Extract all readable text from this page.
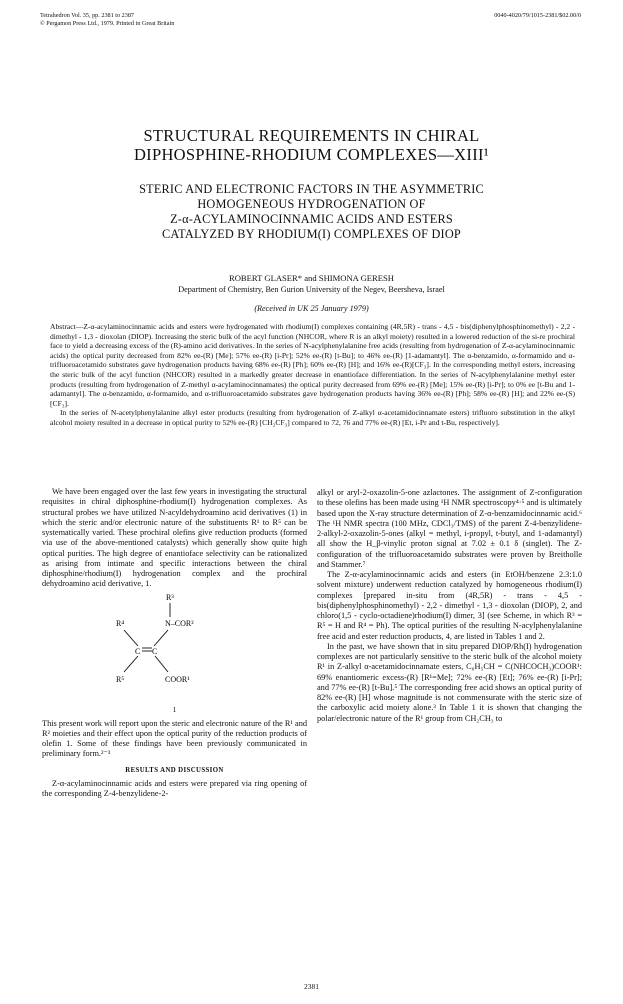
Tetrahedron Vol. 35, pp. 2381 to 2387
© Pergamon Press Ltd., 1979. Printed in Great Britain
0040-4020/79/1015-2381/$02.00/0
STRUCTURAL REQUIREMENTS IN CHIRAL
DIPHOSPHINE-RHODIUM COMPLEXES—XIII¹
STERIC AND ELECTRONIC FACTORS IN THE ASYMMETRIC
HOMOGENEOUS HYDROGENATION OF
Z-α-ACYLAMINOCINNAMIC ACIDS AND ESTERS
CATALYZED BY RHODIUM(I) COMPLEXES OF DIOP
ROBERT GLASER* and SHIMONA GERESH
Department of Chemistry, Ben Gurion University of the Negev, Beersheva, Israel
(Received in UK 25 January 1979)

Abstract—Z-α-acylaminocinnamic acids and esters were hydrogenated with rhodium(I) complexes containing (4R,5R) - trans - 4,5 - bis(diphenylphosphinomethyl) - 2,2 - dimethyl - 1,3 - dioxolan (DIOP). Increasing the steric bulk of the acyl function (NHCOR, where R is an alkyl moiety) resulted in a lowered reduction of the si-re prochiral face to yield a decreasing excess of the (R)-amino acid derivatives. In the series of N-acylphenylalanine free acids (resulting from hydrogenation of Z-α-acylaminocinnamic acids) the optical purity decreased from 82% ee-(R) [Me]; 57% ee-(R) [i-Pr]; 52% ee-(R) [t-Bu]; to 46% ee-(R) [1-adamantyl]. The α-benzamido, α-formamido and α-trifluoroacetamido substrates gave hydrogenation products having 68% ee-(R) [Ph]; 60% ee-(R) [H]; and 16% ee-(R)[CF₃]. In the corresponding methyl esters, increasing the steric bulk of the acyl function (NHCOR) resulted in a markedly greater decrease in enantioface differentiation. In the series of N-acylphenylalanine methyl ester products (resulting from hydrogenation of Z-methyl α-acylaminocinnamates) the optical purity decreased from 69% ee-(R) [Me]; 15% ee-(R) [i-Pr]; to 0% ee [t-Bu and 1-adamantyl]. The α-benzamido, α-formamido, and α-trifluoroacetamido substrates gave hydrogenation products having 36% ee-(R) [Ph]; 58% ee-(R) [H]; and 22% ee-(S) [CF₃].

In the series of N-acetylphenylalanine alkyl ester products (resulting from hydrogenation of Z-alkyl α-acetamidocinnamate esters) trifluoro substitution in the alkyl alcohol moiety resulted in a decrease in optical purity to 52% ee-(R) [CH₂CF₃] compared to 72, 76 and 77% ee-(R) [Et, i-Pr and t-Bu, respectively].

We have been engaged over the last few years in investigating the structural requisites in chiral diphosphine-rhodium(I) hydrogenation complexes. As structural probes we have utilized N-acyldehydroamino acid derivatives (1) in which the steric and/or electronic nature of the substituents R¹ to R⁵ can be systematically varied. These prochiral olefins give reduction products (formed via use of the above-mentioned catalysts) which generally show quite high optical purities. The high degree of enantioface selectivity can be rationalized as arising from intimate and specific interactions between the chiral diphosphine/rhodium(I) hydrogenation complex and the prochiral dehydroamino acid derivative, 1.

R³
N–COR²
R⁴
C C
R⁵	COOR¹
1

This present work will report upon the steric and electronic nature of the R¹ and R² moieties and their effect upon the optical purity of the reduction products of olefin 1. Some of these findings have been previously communicated in preliminary form.²⁻³

RESULTS AND DISCUSSION

Z-α-acylaminocinnamic acids and esters were prepared via ring opening of the corresponding Z-4-benzylidene-2-

alkyl or aryl-2-oxazolin-5-one azlactones. The assignment of Z-configuration to these olefins has been made using ¹H NMR spectroscopy⁴·⁵ and is ultimately based upon the X-ray structure determination of Z-α-benzamidocinnamic acid.⁶ The ¹H NMR spectra (100 MHz, CDCl₃/TMS) of the parent Z-4-benzylidene-2-alkyl-2-oxazolin-5-ones (alkyl = methyl, i-propyl, t-butyl, and 1-adamantyl) all show the H_β-vinylic proton signal at 7.02 ± 0.1 δ (singlet). The Z-configuration of the trifluoroacetamido substrates were proven by Breitholle and Stammer.⁷

The Z-α-acylaminocinnamic acids and esters (in EtOH/benzene 2.3:1.0 solvent mixture) underwent reduction catalyzed by homogeneous rhodium(I) complexes [prepared in-situ from (4R,5R) - trans - 4,5 - bis(diphenylphosphinomethyl) - 2,2 - dimethyl - 1,3 - dioxolan (DIOP), 2, and chloro(1,5 - cyclo-octadiene)rhodium(I) dimer, 3] (see Scheme, in which R³ = R⁵ = H and R⁴ = Ph). The optical purities of the resulting N-acylphenylalanine free acid and ester reduction products, 4, are listed in Tables 1 and 2.

In the past, we have shown that in situ prepared DIOP/Rh(I) hydrogenation complexes are not particularly sensitive to the steric bulk of the alcohol moiety R¹ in Z-alkyl α-acetamidocinnamate esters, C₆H₅CH = C(NHCOCH₃)COOR¹: 69% enantiomeric excess-(R) [R¹=Me]; 72% ee-(R) [Et]; 76% ee-(R) [i-Pr]; and 77% ee-(R) [t-Bu].⁵ The corresponding free acid shows an optical purity of 82% ee-(R) [H] whose magnitude is not commensurate with the steric size of the carboxylic acid moiety alone.³ In Table 1 it is shown that changing the polar/electronic nature of the R¹ group from CH₂CH₃ to

2381
